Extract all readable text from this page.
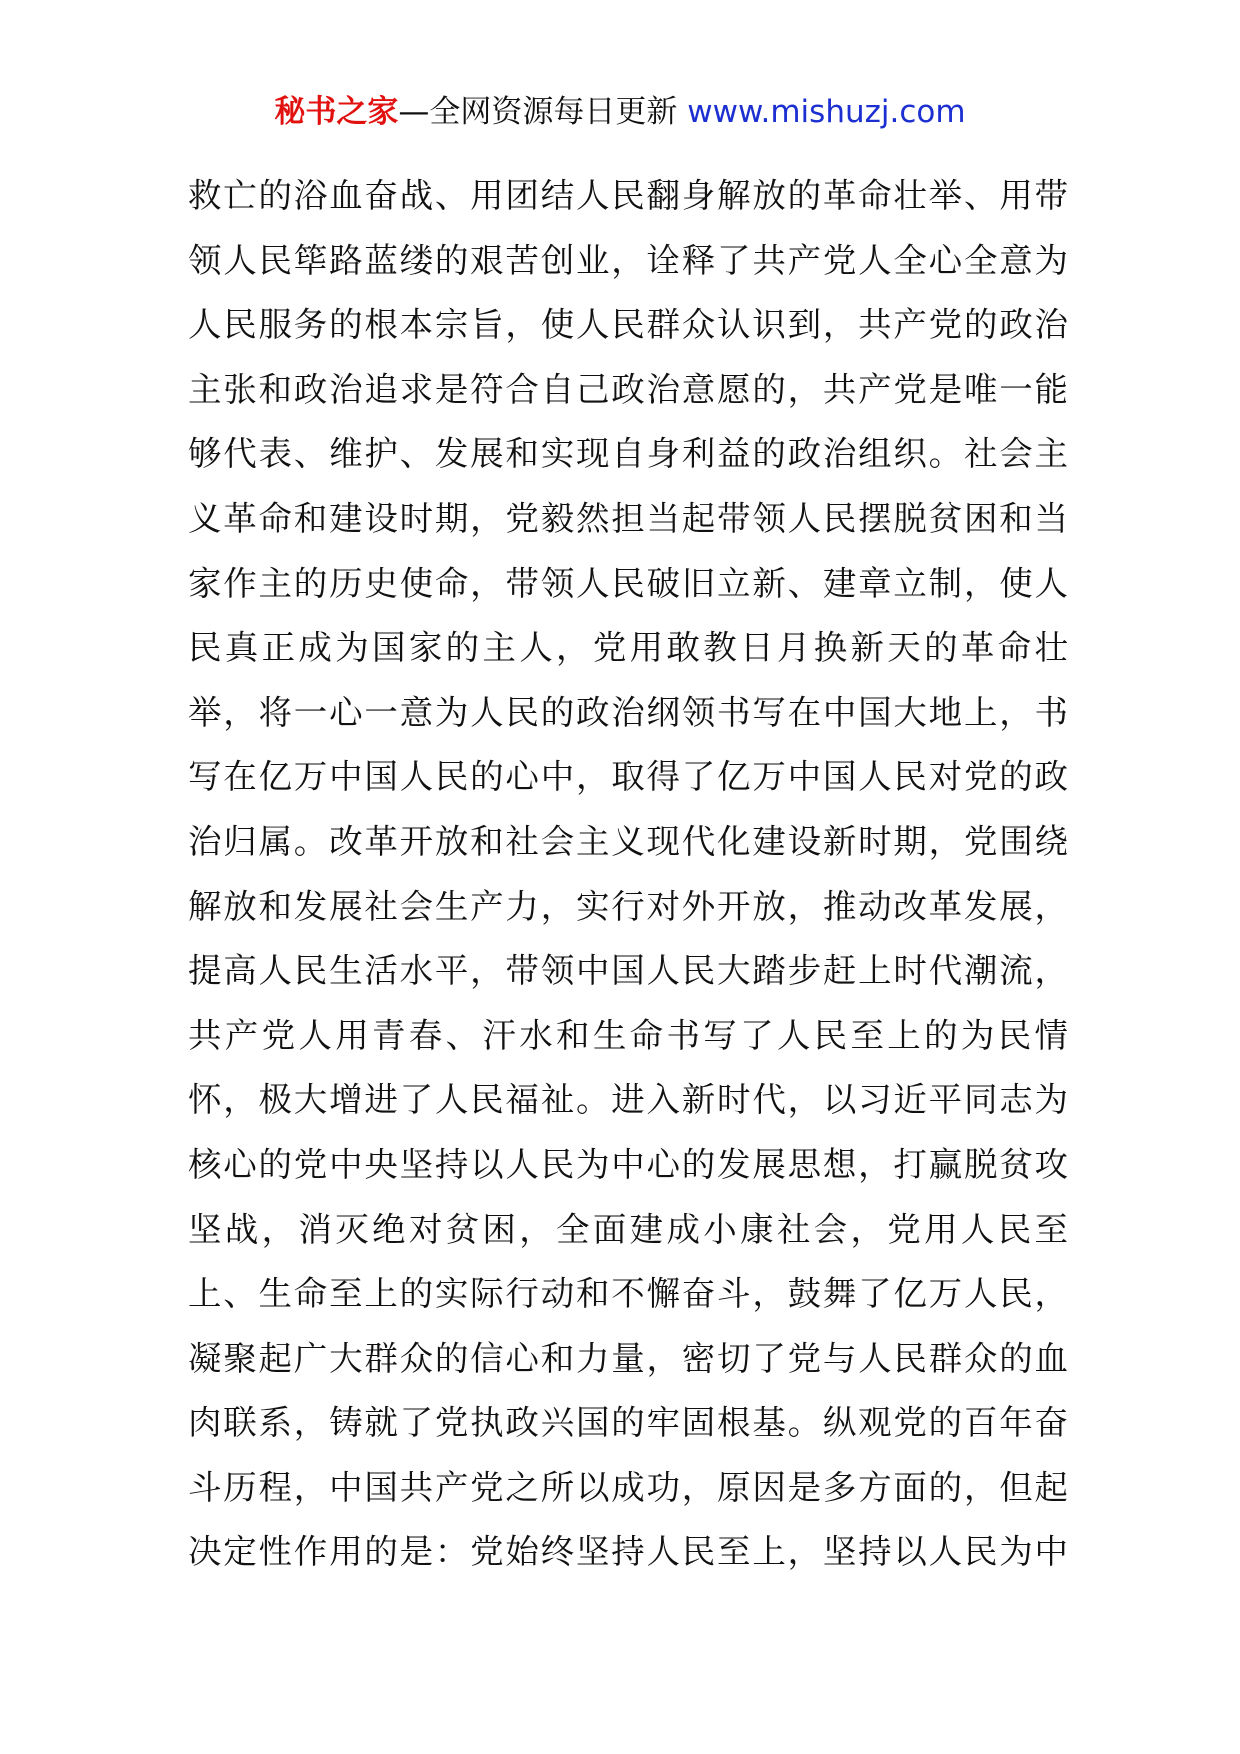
秘书之家—全网资源每日更新 www.mishuzj.com
救亡的浴血奋战、用团结人民翻身解放的革命壮举、用带
领人民筚路蓝缕的艰苦创业，诠释了共产党人全心全意为
人民服务的根本宗旨，使人民群众认识到，共产党的政治
主张和政治追求是符合自己政治意愿的，共产党是唯一能
够代表、维护、发展和实现自身利益的政治组织。社会主
义革命和建设时期，党毅然担当起带领人民摆脱贫困和当
家作主的历史使命，带领人民破旧立新、建章立制，使人
民真正成为国家的主人，党用敢教日月换新天的革命壮
举，将一心一意为人民的政治纲领书写在中国大地上，书
写在亿万中国人民的心中，取得了亿万中国人民对党的政
治归属。改革开放和社会主义现代化建设新时期，党围绕
解放和发展社会生产力，实行对外开放，推动改革发展，
提高人民生活水平，带领中国人民大踏步赶上时代潮流，
共产党人用青春、汗水和生命书写了人民至上的为民情
怀，极大增进了人民福祉。进入新时代，以习近平同志为
核心的党中央坚持以人民为中心的发展思想，打赢脱贫攻
坚战，消灭绝对贫困，全面建成小康社会，党用人民至
上、生命至上的实际行动和不懈奋斗，鼓舞了亿万人民，
凝聚起广大群众的信心和力量，密切了党与人民群众的血
肉联系，铸就了党执政兴国的牢固根基。纵观党的百年奋
斗历程，中国共产党之所以成功，原因是多方面的，但起
决定性作用的是：党始终坚持人民至上，坚持以人民为中
